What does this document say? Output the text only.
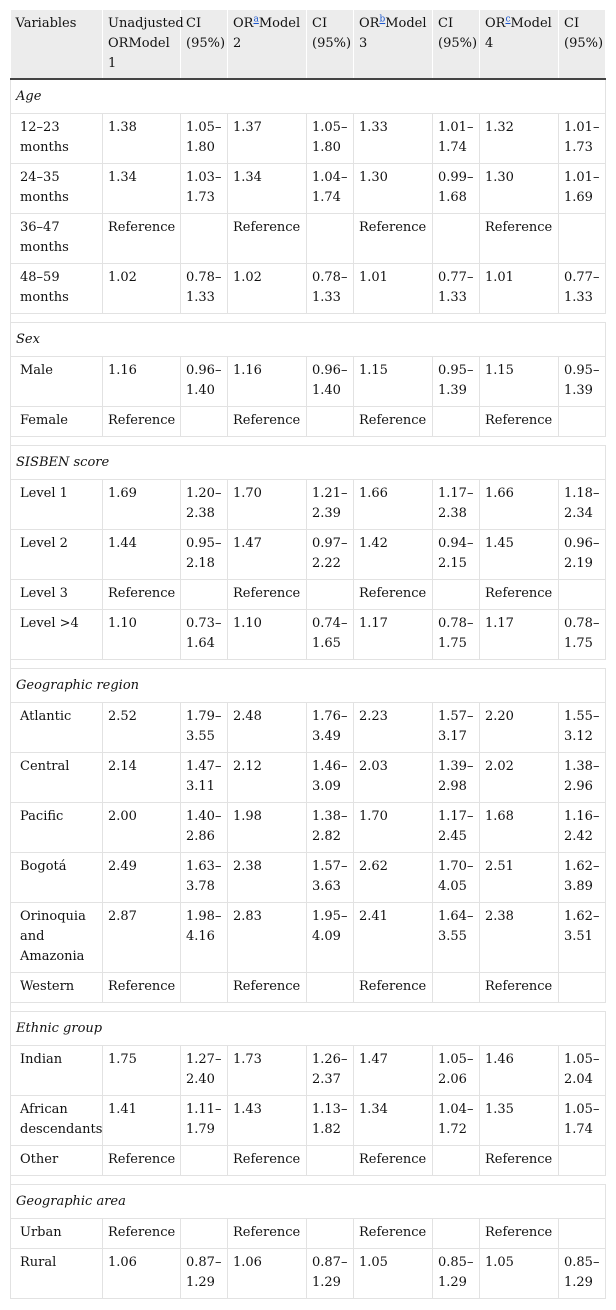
Variables	Unadjusted ORModel 1	CI (95%)	$OR^aModel$ 2	CI (95%)	$OR^bModel$ 3	CI (95%)	$OR^cModel$ 4	CI (95%)
Age								
12–23 months	1.38	1.05–1.80	1.37	1.05–1.80	1.33	1.01–1.74	1.32	1.01–1.73
24–35 months	1.34	1.03–1.73	1.34	1.04–1.74	1.30	0.99–1.68	1.30	1.01–1.69
36–47 months	Reference		Reference		Reference		Reference	
48–59 months	1.02	0.78–1.33	1.02	0.78–1.33	1.01	0.77–1.33	1.01	0.77–1.33

Sex								
Male	1.16	0.96–1.40	1.16	0.96–1.40	1.15	0.95–1.39	1.15	0.95–1.39
Female	Reference		Reference		Reference		Reference	

SISBEN score								
Level 1	1.69	1.20–2.38	1.70	1.21–2.39	1.66	1.17–2.38	1.66	1.18–2.34
Level 2	1.44	0.95–2.18	1.47	0.97–2.22	1.42	0.94–2.15	1.45	0.96–2.19
Level 3	Reference		Reference		Reference		Reference	
Level >4	1.10	0.73–1.64	1.10	0.74–1.65	1.17	0.78–1.75	1.17	0.78–1.75

Geographic region								
Atlantic	2.52	1.79–3.55	2.48	1.76–3.49	2.23	1.57–3.17	2.20	1.55–3.12
Central	2.14	1.47–3.11	2.12	1.46–3.09	2.03	1.39–2.98	2.02	1.38–2.96
Pacific	2.00	1.40–2.86	1.98	1.38–2.82	1.70	1.17–2.45	1.68	1.16–2.42
Bogotá	2.49	1.63–3.78	2.38	1.57–3.63	2.62	1.70–4.05	2.51	1.62–3.89
Orinoquia and Amazonia	2.87	1.98–4.16	2.83	1.95–4.09	2.41	1.64–3.55	2.38	1.62–3.51
Western	Reference		Reference		Reference		Reference	

Ethnic group								
Indian	1.75	1.27–2.40	1.73	1.26–2.37	1.47	1.05–2.06	1.46	1.05–2.04
African descendants	1.41	1.11–1.79	1.43	1.13–1.82	1.34	1.04–1.72	1.35	1.05–1.74
Other	Reference		Reference		Reference		Reference	

Geographic area								
Urban	Reference		Reference		Reference		Reference	
Rural	1.06	0.87–1.29	1.06	0.87–1.29	1.05	0.85–1.29	1.05	0.85–1.29
